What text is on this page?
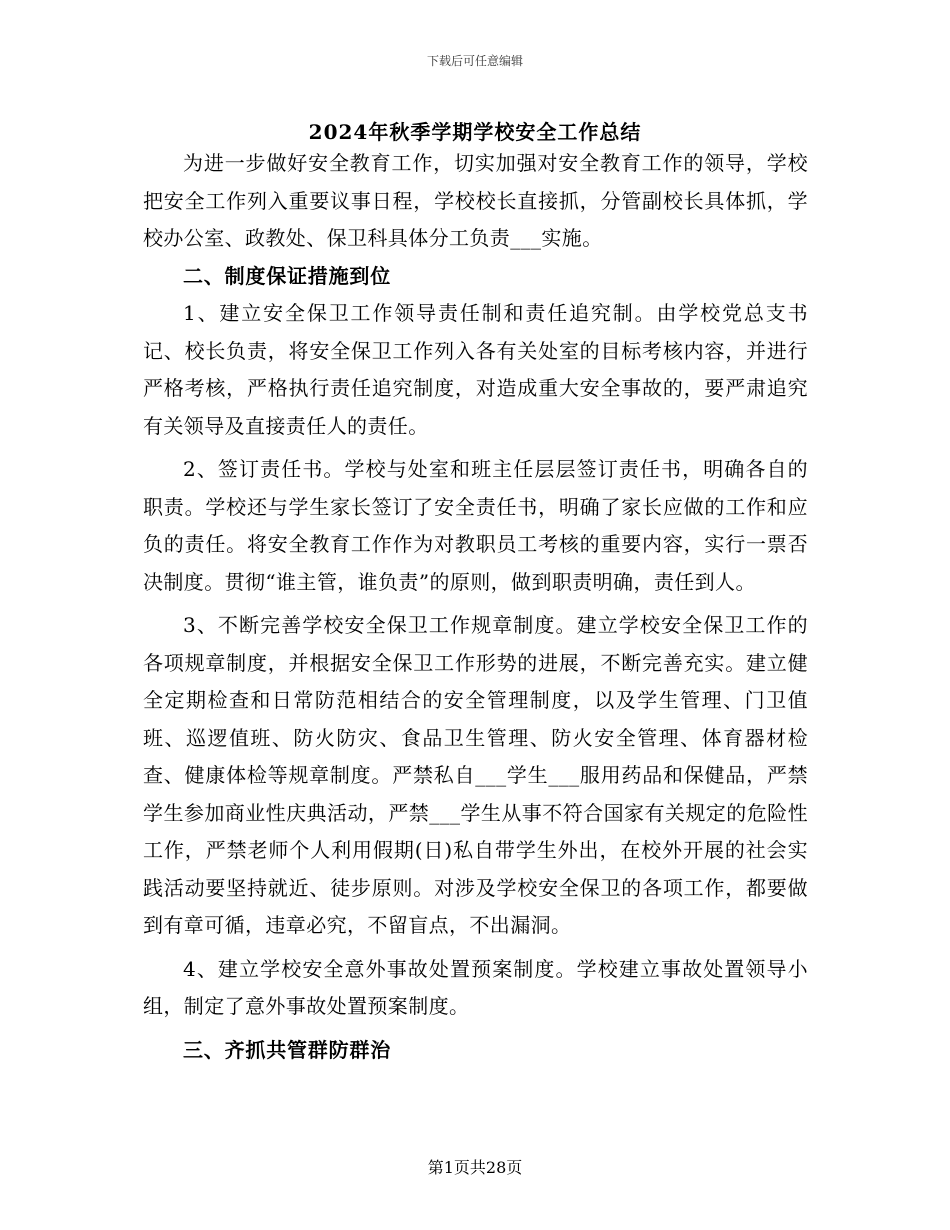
下载后可任意编辑
2024年秋季学期学校安全工作总结

为进一步做好安全教育工作，切实加强对安全教育工作的领导，学校把安全工作列入重要议事日程，学校校长直接抓，分管副校长具体抓，学校办公室、政教处、保卫科具体分工负责___实施。

二、制度保证措施到位

1、建立安全保卫工作领导责任制和责任追究制。由学校党总支书记、校长负责，将安全保卫工作列入各有关处室的目标考核内容，并进行严格考核，严格执行责任追究制度，对造成重大安全事故的，要严肃追究有关领导及直接责任人的责任。

2、签订责任书。学校与处室和班主任层层签订责任书，明确各自的职责。学校还与学生家长签订了安全责任书，明确了家长应做的工作和应负的责任。将安全教育工作作为对教职员工考核的重要内容，实行一票否决制度。贯彻“谁主管，谁负责”的原则，做到职责明确，责任到人。

3、不断完善学校安全保卫工作规章制度。建立学校安全保卫工作的各项规章制度，并根据安全保卫工作形势的进展，不断完善充实。建立健全定期检查和日常防范相结合的安全管理制度，以及学生管理、门卫值班、巡逻值班、防火防灾、食品卫生管理、防火安全管理、体育器材检查、健康体检等规章制度。严禁私自___学生___服用药品和保健品，严禁学生参加商业性庆典活动，严禁___学生从事不符合国家有关规定的危险性工作，严禁老师个人利用假期(日)私自带学生外出，在校外开展的社会实践活动要坚持就近、徒步原则。对涉及学校安全保卫的各项工作，都要做到有章可循，违章必究，不留盲点，不出漏洞。

4、建立学校安全意外事故处置预案制度。学校建立事故处置领导小组，制定了意外事故处置预案制度。

三、齐抓共管群防群治
第1页共28页
